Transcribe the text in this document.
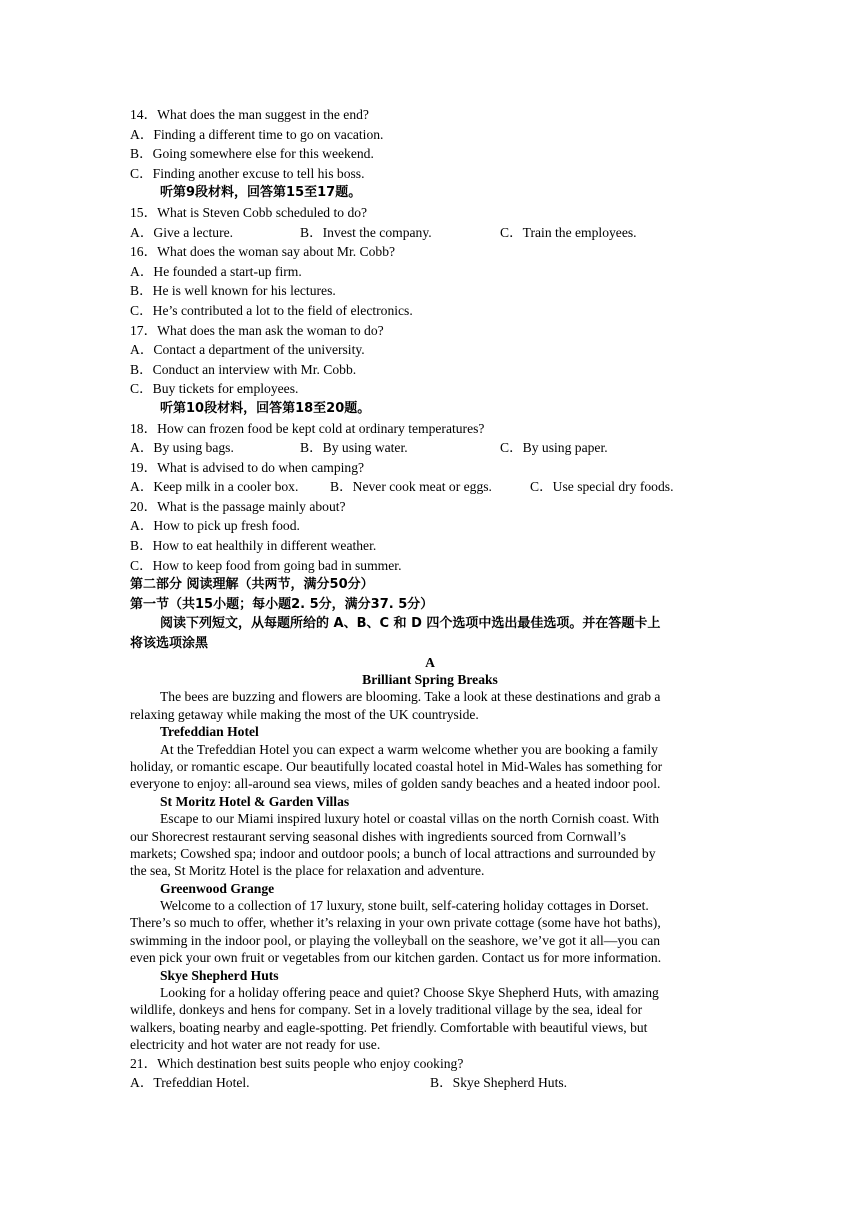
14．What does the man suggest in the end?
A．Finding a different time to go on vacation.
B．Going somewhere else for this weekend.
C．Finding another excuse to tell his boss.
听第9段材料，回答第15至17题。
15．What is Steven Cobb scheduled to do?
A．Give a lecture.	B．Invest the company.	C．Train the employees.
16．What does the woman say about Mr. Cobb?
A．He founded a start-up firm.
B．He is well known for his lectures.
C．He’s contributed a lot to the field of electronics.
17．What does the man ask the woman to do?
A．Contact a department of the university.
B．Conduct an interview with Mr. Cobb.
C．Buy tickets for employees.
听第10段材料，回答第18至20题。
18．How can frozen food be kept cold at ordinary temperatures?
A．By using bags.	B．By using water.	C．By using paper.
19．What is advised to do when camping?
A．Keep milk in a cooler box.	B．Never cook meat or eggs.	C．Use special dry foods.
20．What is the passage mainly about?
A．How to pick up fresh food.
B．How to eat healthily in different weather.
C．How to keep food from going bad in summer.
第二部分 阅读理解（共两节，满分50分）
第一节（共15小题；每小题2. 5分，满分37. 5分）
阅读下列短文，从每题所给的 A、B、C 和 D 四个选项中选出最佳选项。并在答题卡上
将该选项涂黑
A
Brilliant Spring Breaks
The bees are buzzing and flowers are blooming. Take a look at these destinations and grab a
relaxing getaway while making the most of the UK countryside.
Trefeddian Hotel
At the Trefeddian Hotel you can expect a warm welcome whether you are booking a family
holiday, or romantic escape. Our beautifully located coastal hotel in Mid-Wales has something for
everyone to enjoy: all-around sea views, miles of golden sandy beaches and a heated indoor pool.
St Moritz Hotel & Garden Villas
Escape to our Miami inspired luxury hotel or coastal villas on the north Cornish coast. With
our Shorecrest restaurant serving seasonal dishes with ingredients sourced from Cornwall’s
markets; Cowshed spa; indoor and outdoor pools; a bunch of local attractions and surrounded by
the sea, St Moritz Hotel is the place for relaxation and adventure.
Greenwood Grange
Welcome to a collection of 17 luxury, stone built, self-catering holiday cottages in Dorset.
There’s so much to offer, whether it’s relaxing in your own private cottage (some have hot baths),
swimming in the indoor pool, or playing the volleyball on the seashore, we’ve got it all—you can
even pick your own fruit or vegetables from our kitchen garden. Contact us for more information.
Skye Shepherd Huts
Looking for a holiday offering peace and quiet? Choose Skye Shepherd Huts, with amazing
wildlife, donkeys and hens for company. Set in a lovely traditional village by the sea, ideal for
walkers, boating nearby and eagle-spotting. Pet friendly. Comfortable with beautiful views, but
electricity and hot water are not ready for use.
21．Which destination best suits people who enjoy cooking?
A．Trefeddian Hotel.	B．Skye Shepherd Huts.
